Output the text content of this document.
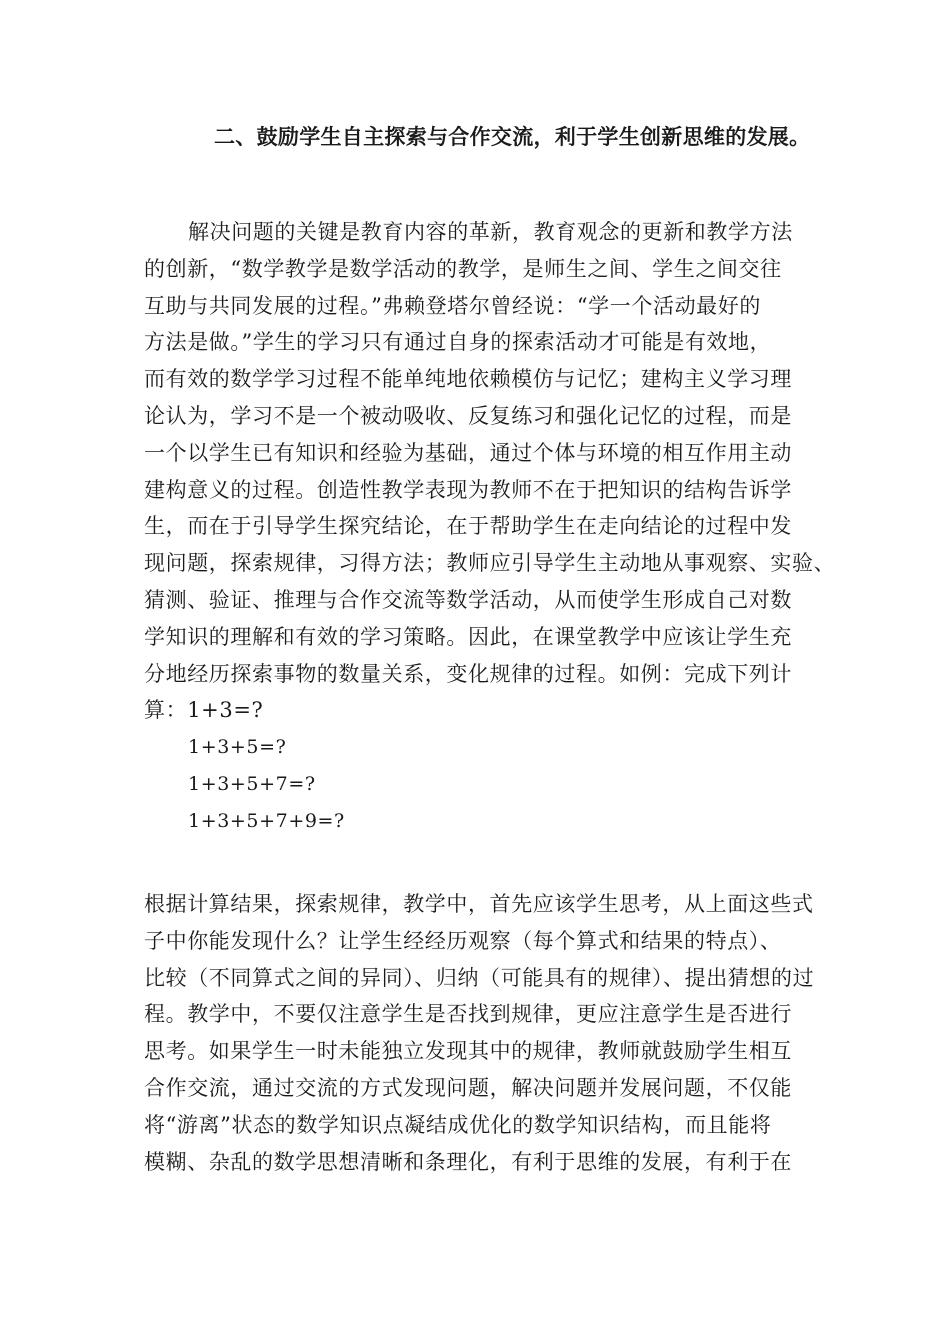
二、鼓励学生自主探索与合作交流，利于学生创新思维的发展。
解决问题的关键是教育内容的革新，教育观念的更新和教学方法
的创新，“数学教学是数学活动的教学，是师生之间、学生之间交往
互助与共同发展的过程。”弗赖登塔尔曾经说：“学一个活动最好的
方法是做。”学生的学习只有通过自身的探索活动才可能是有效地，
而有效的数学学习过程不能单纯地依赖模仿与记忆；建构主义学习理
论认为，学习不是一个被动吸收、反复练习和强化记忆的过程，而是
一个以学生已有知识和经验为基础，通过个体与环境的相互作用主动
建构意义的过程。创造性教学表现为教师不在于把知识的结构告诉学
生，而在于引导学生探究结论，在于帮助学生在走向结论的过程中发
现问题，探索规律，习得方法；教师应引导学生主动地从事观察、实验、
猜测、验证、推理与合作交流等数学活动，从而使学生形成自己对数
学知识的理解和有效的学习策略。因此，在课堂教学中应该让学生充
分地经历探索事物的数量关系，变化规律的过程。如例：完成下列计
算：1+3=?
1+3+5=?
1+3+5+7=?
1+3+5+7+9=?
根据计算结果，探索规律，教学中，首先应该学生思考，从上面这些式
子中你能发现什么？让学生经经历观察（每个算式和结果的特点）、
比较（不同算式之间的异同）、归纳（可能具有的规律）、提出猜想的过
程。教学中，不要仅注意学生是否找到规律，更应注意学生是否进行
思考。如果学生一时未能独立发现其中的规律，教师就鼓励学生相互
合作交流，通过交流的方式发现问题，解决问题并发展问题，不仅能
将“游离”状态的数学知识点凝结成优化的数学知识结构，而且能将
模糊、杂乱的数学思想清晰和条理化，有利于思维的发展，有利于在
